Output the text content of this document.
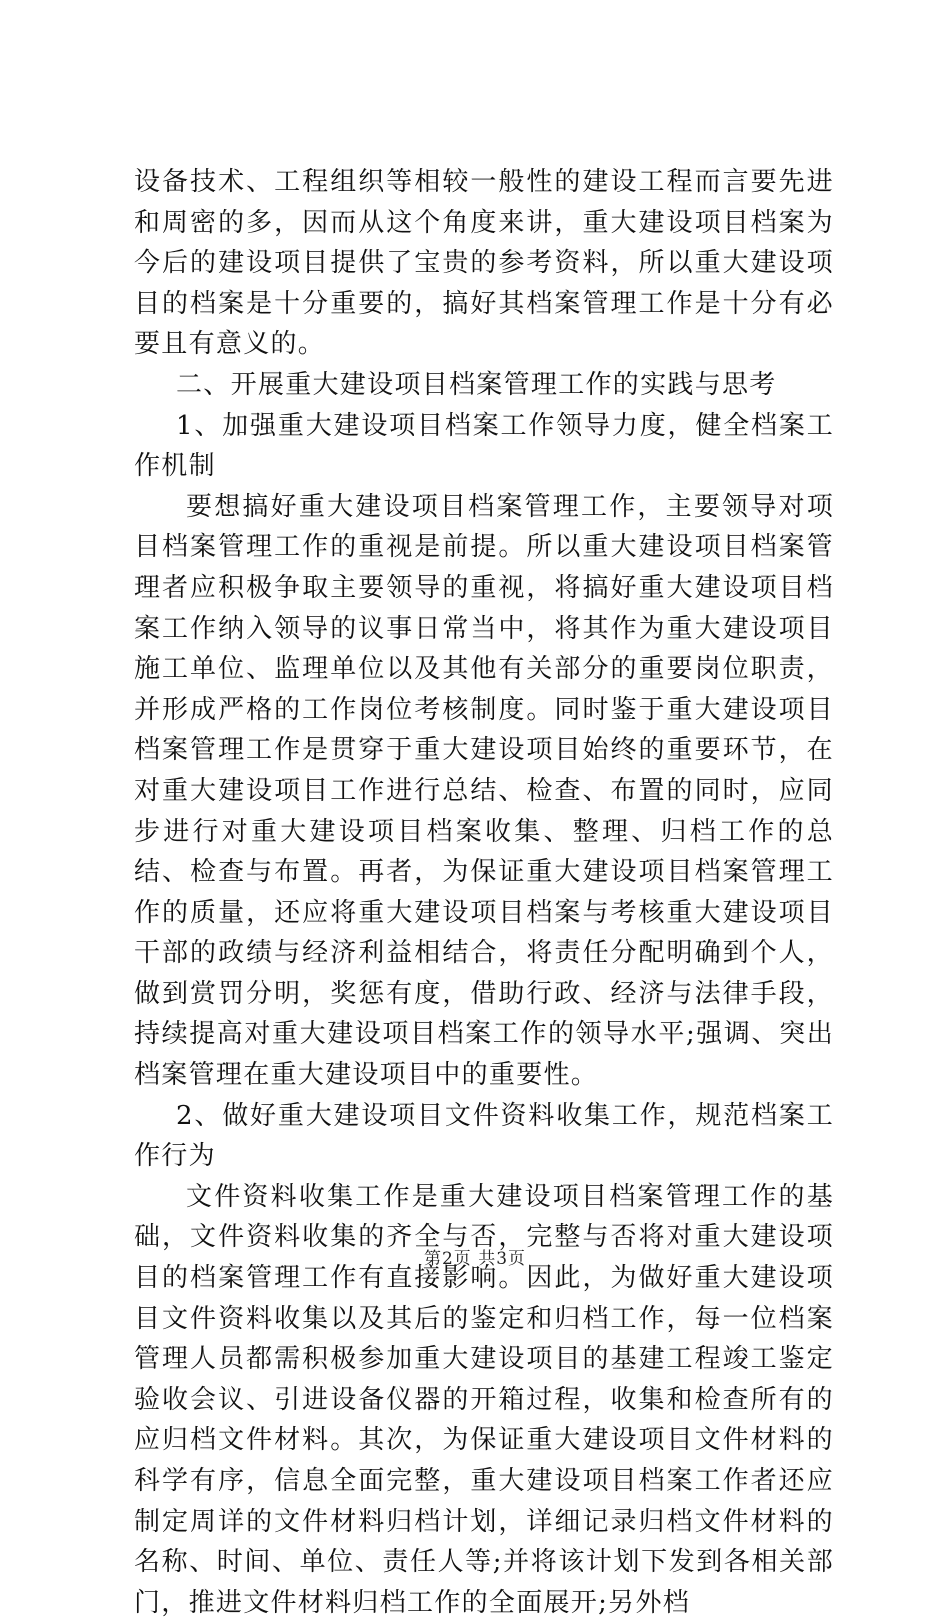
设备技术、工程组织等相较一般性的建设工程而言要先进和周密的多，因而从这个角度来讲，重大建设项目档案为今后的建设项目提供了宝贵的参考资料，所以重大建设项目的档案是十分重要的，搞好其档案管理工作是十分有必要且有意义的。

二、开展重大建设项目档案管理工作的实践与思考

1、加强重大建设项目档案工作领导力度，健全档案工作机制

要想搞好重大建设项目档案管理工作，主要领导对项目档案管理工作的重视是前提。所以重大建设项目档案管理者应积极争取主要领导的重视，将搞好重大建设项目档案工作纳入领导的议事日常当中，将其作为重大建设项目施工单位、监理单位以及其他有关部分的重要岗位职责，并形成严格的工作岗位考核制度。同时鉴于重大建设项目档案管理工作是贯穿于重大建设项目始终的重要环节，在对重大建设项目工作进行总结、检查、布置的同时，应同步进行对重大建设项目档案收集、整理、归档工作的总结、检查与布置。再者，为保证重大建设项目档案管理工作的质量，还应将重大建设项目档案与考核重大建设项目干部的政绩与经济利益相结合，将责任分配明确到个人，做到赏罚分明，奖惩有度，借助行政、经济与法律手段，持续提高对重大建设项目档案工作的领导水平;强调、突出档案管理在重大建设项目中的重要性。

2、做好重大建设项目文件资料收集工作，规范档案工作行为

文件资料收集工作是重大建设项目档案管理工作的基础，文件资料收集的齐全与否，完整与否将对重大建设项目的档案管理工作有直接影响。因此，为做好重大建设项目文件资料收集以及其后的鉴定和归档工作，每一位档案管理人员都需积极参加重大建设项目的基建工程竣工鉴定验收会议、引进设备仪器的开箱过程，收集和检查所有的应归档文件材料。其次，为保证重大建设项目文件材料的科学有序，信息全面完整，重大建设项目档案工作者还应制定周详的文件材料归档计划，详细记录归档文件材料的名称、时间、单位、责任人等;并将该计划下发到各相关部门，推进文件材料归档工作的全面展开;另外档

第2页 共3页
